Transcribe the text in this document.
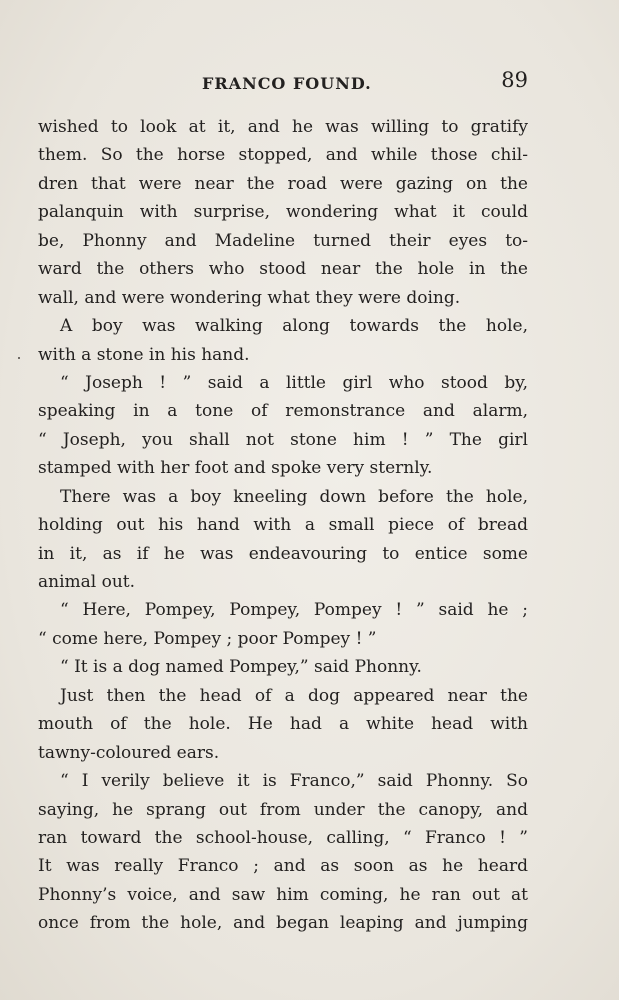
FRANCO FOUND.	89
wished to look at it, and he was willing to gratify
them. So the horse stopped, and while those chil-
dren that were near the road were gazing on the
palanquin with surprise, wondering what it could
be, Phonny and Madeline turned their eyes to-
ward the others who stood near the hole in the
wall, and were wondering what they were doing.
A boy was walking along towards the hole,
with a stone in his hand.
“ Joseph ! ” said a little girl who stood by,
speaking in a tone of remonstrance and alarm,
“ Joseph, you shall not stone him ! ” The girl
stamped with her foot and spoke very sternly.
There was a boy kneeling down before the hole,
holding out his hand with a small piece of bread
in it, as if he was endeavouring to entice some
animal out.
“ Here, Pompey, Pompey, Pompey ! ” said he ;
“ come here, Pompey ; poor Pompey ! ”
“ It is a dog named Pompey,” said Phonny.
Just then the head of a dog appeared near the
mouth of the hole. He had a white head with
tawny-coloured ears.
“ I verily believe it is Franco,” said Phonny. So
saying, he sprang out from under the canopy, and
ran toward the school-house, calling, “ Franco ! ”
It was really Franco ; and as soon as he heard
Phonny’s voice, and saw him coming, he ran out at
once from the hole, and began leaping and jumping
